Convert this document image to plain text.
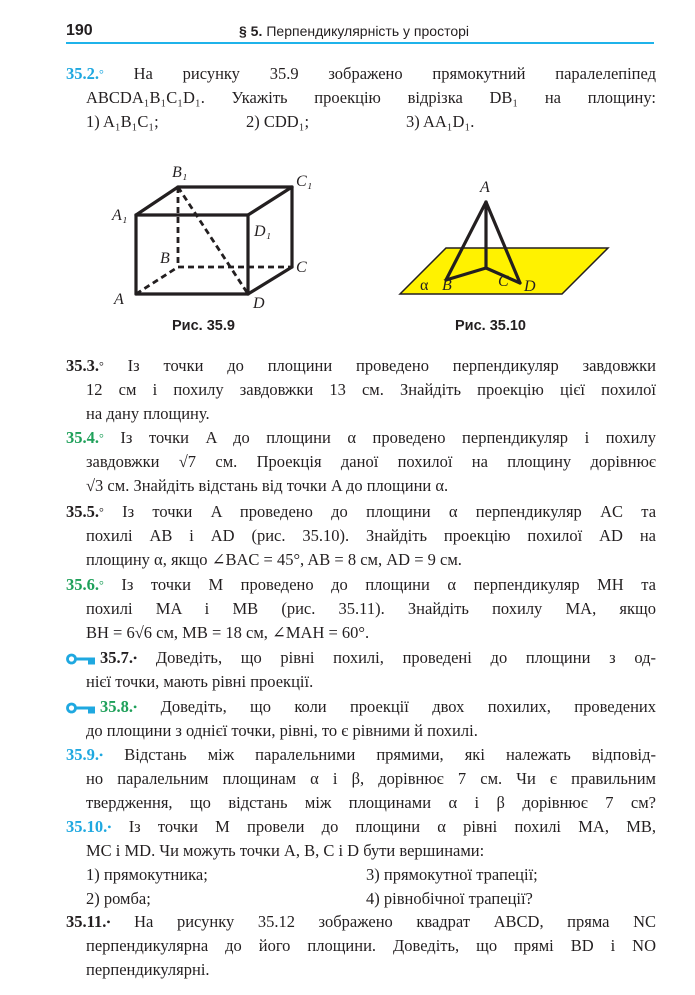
190	§ 5. Перпендикулярність у просторі
35.2.° На рисунку 35.9 зображено прямокутний паралелепіпед
ABCDA₁B₁C₁D₁. Укажіть проекцію відрізка DB₁ на площину:
1) A₁B₁C₁;	2) CDD₁;	3) AA₁D₁.
A
B
C
D
A₁
B₁
C₁
D₁
Рис. 35.9
A
B	C D
α
Рис. 35.10
35.3.° Із точки до площини проведено перпендикуляр завдовжки
12 см і похилу завдовжки 13 см. Знайдіть проекцію цієї похилої
на дану площину.
35.4.° Із точки A до площини α проведено перпендикуляр і похилу
завдовжки √7 см. Проекція даної похилої на площину дорівнює
√3 см. Знайдіть відстань від точки A до площини α.
35.5.° Із точки A проведено до площини α перпендикуляр AC та
похилі AB і AD (рис. 35.10). Знайдіть проекцію похилої AD на
площину α, якщо ∠BAC = 45°, AB = 8 см, AD = 9 см.
35.6.° Із точки M проведено до площини α перпендикуляр MH та
похилі MA і MB (рис. 35.11). Знайдіть похилу MA, якщо
BH = 6√6 см, MB = 18 см, ∠MAH = 60°.
35.7.• Доведіть, що рівні похилі, проведені до площини з од-
нієї точки, мають рівні проекції.
35.8.• Доведіть, що коли проекції двох похилих, проведених
до площини з однієї точки, рівні, то є рівними й похилі.
35.9.• Відстань між паралельними прямими, які належать відповід-
но паралельним площинам α і β, дорівнює 7 см. Чи є правильним
твердження, що відстань між площинами α і β дорівнює 7 см?
35.10.• Із точки M провели до площини α рівні похилі MA, MB,
MC і MD. Чи можуть точки A, B, C і D бути вершинами:
1) прямокутника;	3) прямокутної трапеції;
2) ромба;	4) рівнобічної трапеції?
35.11.• На рисунку 35.12 зображено квадрат ABCD, пряма NC
перпендикулярна до його площини. Доведіть, що прямі BD і NO
перпендикулярні.
